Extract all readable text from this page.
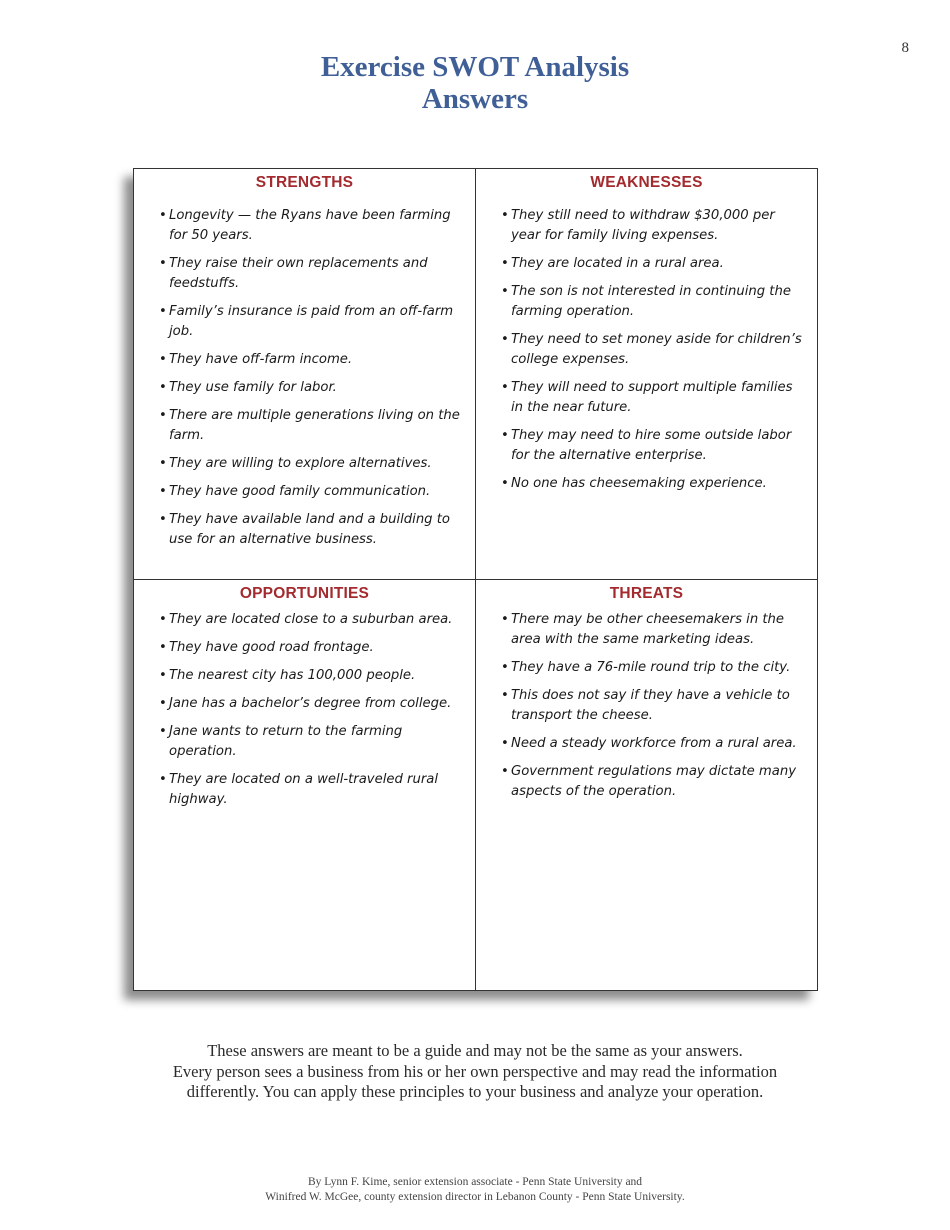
8
Exercise SWOT Analysis
Answers
STRENGTHS
• Longevity — the Ryans have been farming for 50 years.
• They raise their own replacements and feedstuffs.
• Family’s insurance is paid from an off-farm job.
• They have off-farm income.
• They use family for labor.
• There are multiple generations living on the farm.
• They are willing to explore alternatives.
• They have good family communication.
• They have available land and a building to use for an alternative business.
WEAKNESSES
• They still need to withdraw $30,000 per year for family living expenses.
• They are located in a rural area.
• The son is not interested in continuing the farming operation.
• They need to set money aside for children’s college expenses.
• They will need to support multiple families in the near future.
• They may need to hire some outside labor for the alternative enterprise.
• No one has cheesemaking experience.
OPPORTUNITIES
• They are located close to a suburban area.
• They have good road frontage.
• The nearest city has 100,000 people.
• Jane has a bachelor’s degree from college.
• Jane wants to return to the farming operation.
• They are located on a well-traveled rural highway.
THREATS
• There may be other cheesemakers in the area with the same marketing ideas.
• They have a 76-mile round trip to the city.
• This does not say if they have a vehicle to transport the cheese.
• Need a steady workforce from a rural area.
• Government regulations may dictate many aspects of the operation.
These answers are meant to be a guide and may not be the same as your answers.
Every person sees a business from his or her own perspective and may read the information
differently. You can apply these principles to your business and analyze your operation.
By Lynn F. Kime, senior extension associate - Penn State University and
Winifred W. McGee, county extension director in Lebanon County - Penn State University.
